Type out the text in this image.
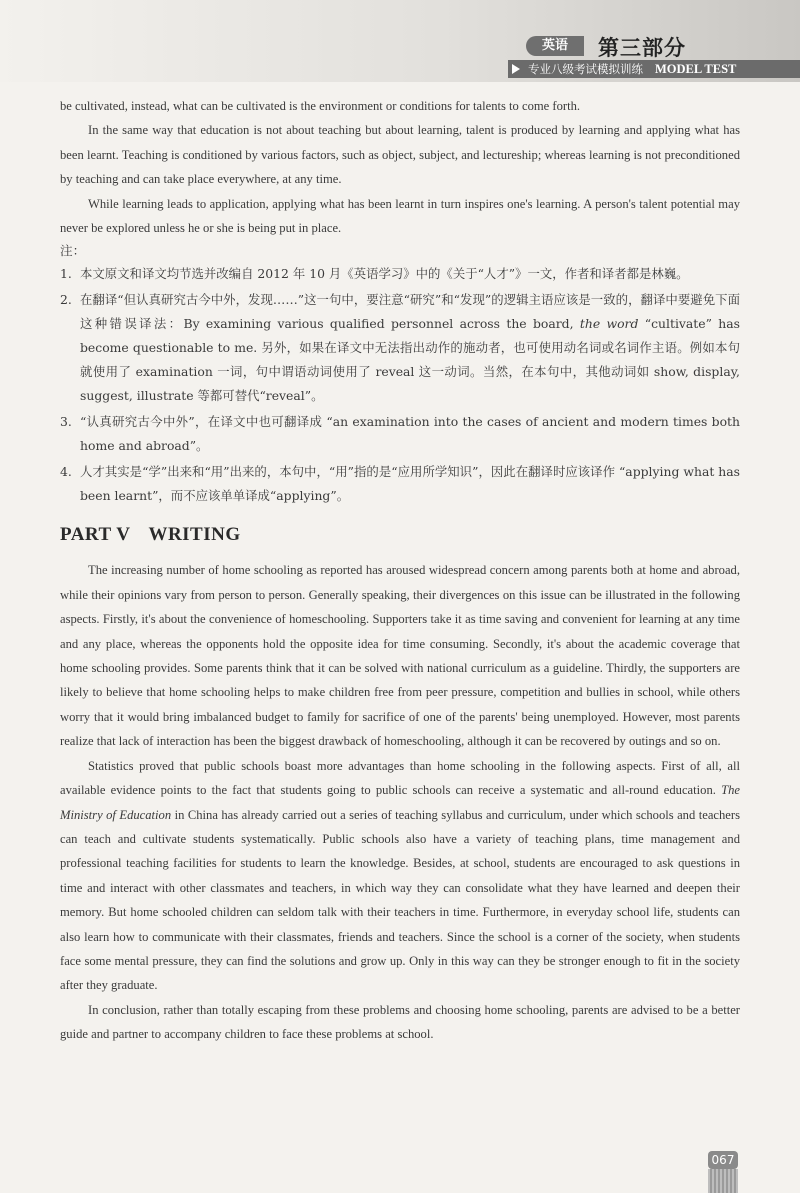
英语	第三部分
专业八级考试模拟训练 MODEL TEST

be cultivated, instead, what can be cultivated is the environment or conditions for talents to come forth.

In the same way that education is not about teaching but about learning, talent is produced by learning and applying what has been learnt. Teaching is conditioned by various factors, such as object, subject, and lectureship; whereas learning is not preconditioned by teaching and can take place everywhere, at any time.

While learning leads to application, applying what has been learnt in turn inspires one's learning. A person's talent potential may never be explored unless he or she is being put in place.

注：
1. 本文原文和译文均节选并改编自 2012 年 10 月《英语学习》中的《关于“人才”》一文，作者和译者都是林巍。
2. 在翻译“但认真研究古今中外，发现……”这一句中，要注意“研究”和“发现”的逻辑主语应该是一致的，翻译中要避免下面这种错误译法：By examining various qualified personnel across the board, the word “cultivate” has become questionable to me. 另外，如果在译文中无法指出动作的施动者，也可使用动名词或名词作主语。例如本句就使用了 examination 一词，句中谓语动词使用了 reveal 这一动词。当然，在本句中，其他动词如 show, display, suggest, illustrate 等都可替代“reveal”。
3. “认真研究古今中外”，在译文中也可翻译成 “an examination into the cases of ancient and modern times both home and abroad”。
4. 人才其实是“学”出来和“用”出来的，本句中，“用”指的是“应用所学知识”，因此在翻译时应该译作 “applying what has been learnt”，而不应该单单译成“applying”。
PART V WRITING

The increasing number of home schooling as reported has aroused widespread concern among parents both at home and abroad, while their opinions vary from person to person. Generally speaking, their divergences on this issue can be illustrated in the following aspects. Firstly, it's about the convenience of homeschooling. Supporters take it as time saving and convenient for learning at any time and any place, whereas the opponents hold the opposite idea for time consuming. Secondly, it's about the academic coverage that home schooling provides. Some parents think that it can be solved with national curriculum as a guideline. Thirdly, the supporters are likely to believe that home schooling helps to make children free from peer pressure, competition and bullies in school, while others worry that it would bring imbalanced budget to family for sacrifice of one of the parents' being unemployed. However, most parents realize that lack of interaction has been the biggest drawback of homeschooling, although it can be recovered by outings and so on.

Statistics proved that public schools boast more advantages than home schooling in the following aspects. First of all, all available evidence points to the fact that students going to public schools can receive a systematic and all-round education. The Ministry of Education in China has already carried out a series of teaching syllabus and curriculum, under which schools and teachers can teach and cultivate students systematically. Public schools also have a variety of teaching plans, time management and professional teaching facilities for students to learn the knowledge. Besides, at school, students are encouraged to ask questions in time and interact with other classmates and teachers, in which way they can consolidate what they have learned and deepen their memory. But home schooled children can seldom talk with their teachers in time. Furthermore, in everyday school life, students can also learn how to communicate with their classmates, friends and teachers. Since the school is a corner of the society, when students face some mental pressure, they can find the solutions and grow up. Only in this way can they be stronger enough to fit in the society after they graduate.

In conclusion, rather than totally escaping from these problems and choosing home schooling, parents are advised to be a better guide and partner to accompany children to face these problems at school.

067
